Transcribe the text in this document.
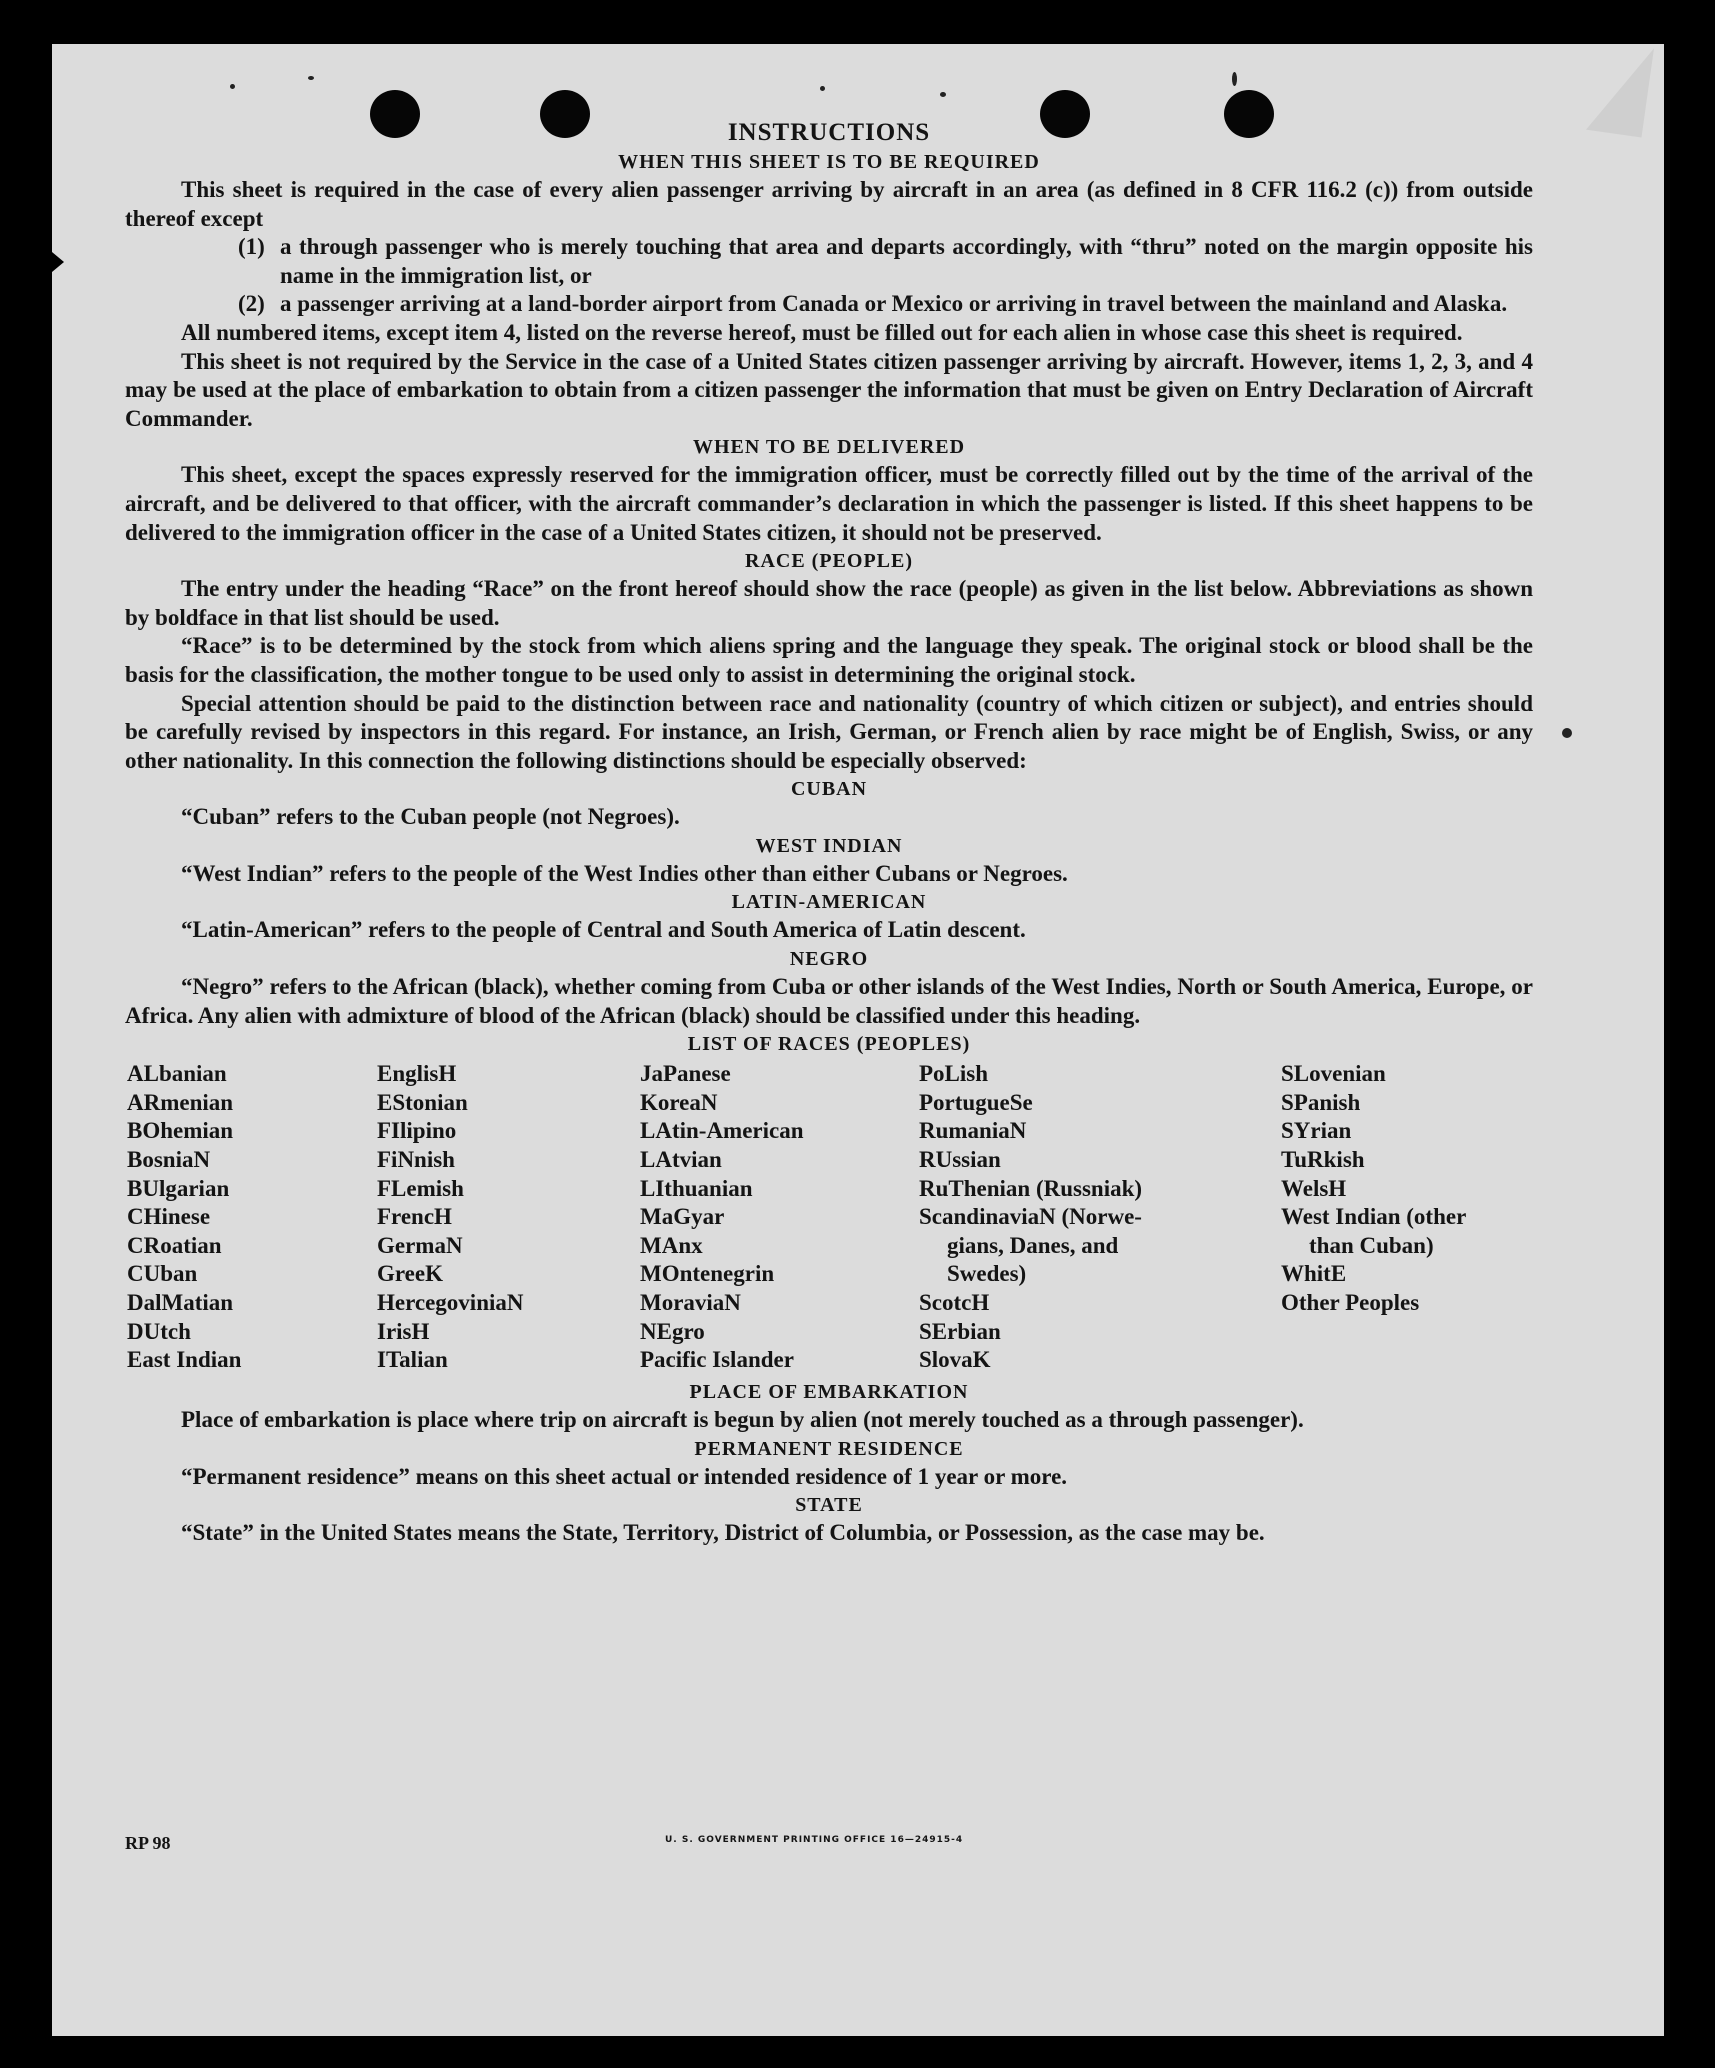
INSTRUCTIONS
WHEN THIS SHEET IS TO BE REQUIRED

This sheet is required in the case of every alien passenger arriving by aircraft in an area (as defined in 8 CFR 116.2 (c)) from outside thereof except

(1) a through passenger who is merely touching that area and departs accordingly, with “thru” noted on the margin opposite his name in the immigration list, or
(2) a passenger arriving at a land-border airport from Canada or Mexico or arriving in travel between the mainland and Alaska.

All numbered items, except item 4, listed on the reverse hereof, must be filled out for each alien in whose case this sheet is required.

This sheet is not required by the Service in the case of a United States citizen passenger arriving by aircraft. However, items 1, 2, 3, and 4 may be used at the place of embarkation to obtain from a citizen passenger the information that must be given on Entry Declaration of Aircraft Commander.

WHEN TO BE DELIVERED

This sheet, except the spaces expressly reserved for the immigration officer, must be correctly filled out by the time of the arrival of the aircraft, and be delivered to that officer, with the aircraft commander’s declaration in which the passenger is listed. If this sheet happens to be delivered to the immigration officer in the case of a United States citizen, it should not be preserved.

RACE (PEOPLE)

The entry under the heading “Race” on the front hereof should show the race (people) as given in the list below. Abbreviations as shown by boldface in that list should be used.

“Race” is to be determined by the stock from which aliens spring and the language they speak. The original stock or blood shall be the basis for the classification, the mother tongue to be used only to assist in determining the original stock.

Special attention should be paid to the distinction between race and nationality (country of which citizen or subject), and entries should be carefully revised by inspectors in this regard. For instance, an Irish, German, or French alien by race might be of English, Swiss, or any other nationality. In this connection the following distinctions should be especially observed:

CUBAN

“Cuban” refers to the Cuban people (not Negroes).

WEST INDIAN

“West Indian” refers to the people of the West Indies other than either Cubans or Negroes.

LATIN-AMERICAN

“Latin-American” refers to the people of Central and South America of Latin descent.

NEGRO

“Negro” refers to the African (black), whether coming from Cuba or other islands of the West Indies, North or South America, Europe, or Africa. Any alien with admixture of blood of the African (black) should be classified under this heading.

LIST OF RACES (PEOPLES)
ALbanian
ARmenian
BOhemian
BosniaN
BUlgarian
CHinese
CRoatian
CUban
DalMatian
DUtch
East Indian
EnglisH
EStonian
FIlipino
FiNnish
FLemish
FrencH
GermaN
GreeK
HercegoviniaN
IrisH
ITalian
JaPanese
KoreaN
LAtin-American
LAtvian
LIthuanian
MaGyar
MAnx
MOntenegrin
MoraviaN
NEgro
Pacific Islander
PoLish
PortugueSe
RumaniaN
RUssian
RuThenian (Russniak)
ScandinaviaN (Norwe-
gians, Danes, and
Swedes)
ScotcH
SErbian
SlovaK
SLovenian
SPanish
SYrian
TuRkish
WelsH
West Indian (other
than Cuban)
WhitE
Other Peoples
PLACE OF EMBARKATION

Place of embarkation is place where trip on aircraft is begun by alien (not merely touched as a through passenger).

PERMANENT RESIDENCE

“Permanent residence” means on this sheet actual or intended residence of 1 year or more.

STATE

“State” in the United States means the State, Territory, District of Columbia, or Possession, as the case may be.

RP 98	U. S. GOVERNMENT PRINTING OFFICE 16—24915-4
